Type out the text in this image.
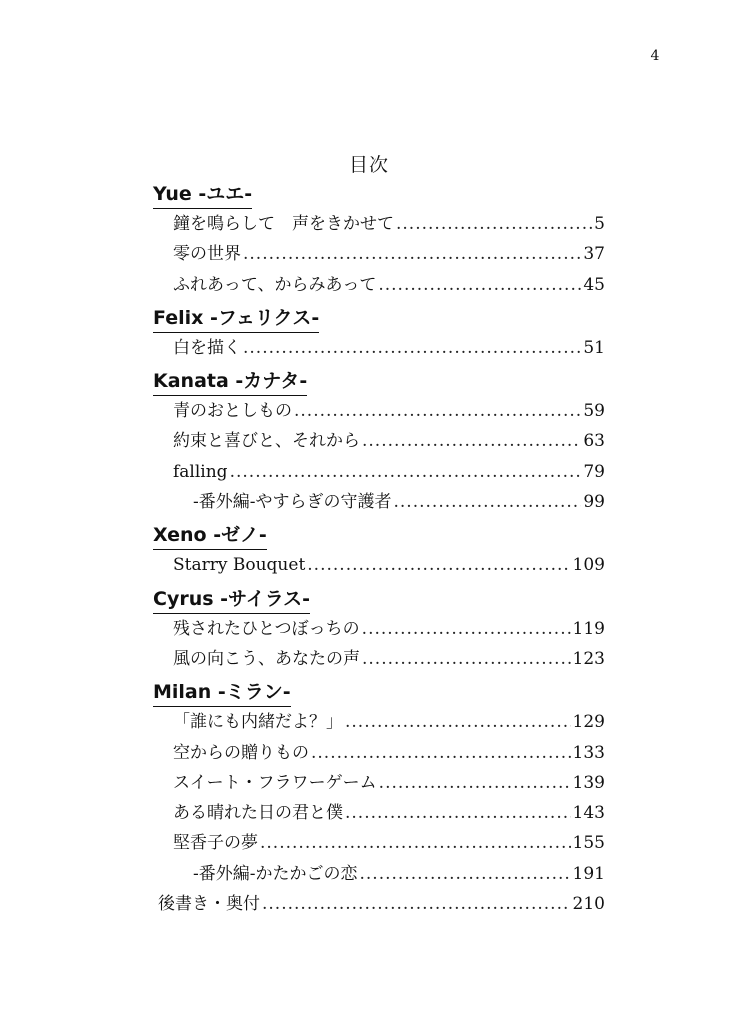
4
目次
Yue -ユエ-
鐘を鳴らして　声をきかせて .....	5
零の世界 .....	37
ふれあって、からみあって .....	45
Felix -フェリクス-
白を描く .....	51
Kanata -カナタ-
青のおとしもの .....	59
約束と喜びと、それから .....	63
falling .....	79
-番外編-やすらぎの守護者 .....	99
Xeno -ゼノ-
Starry Bouquet .....	109
Cyrus -サイラス-
残されたひとつぼっちの .....	119
風の向こう、あなたの声 .....	123
Milan -ミラン-
「誰にも内緒だよ？」 .....	129
空からの贈りもの .....	133
スイート・フラワーゲーム .....	139
ある晴れた日の君と僕 .....	143
堅香子の夢 .....	155
-番外編-かたかごの恋 .....	191
後書き・奥付 .....	210
